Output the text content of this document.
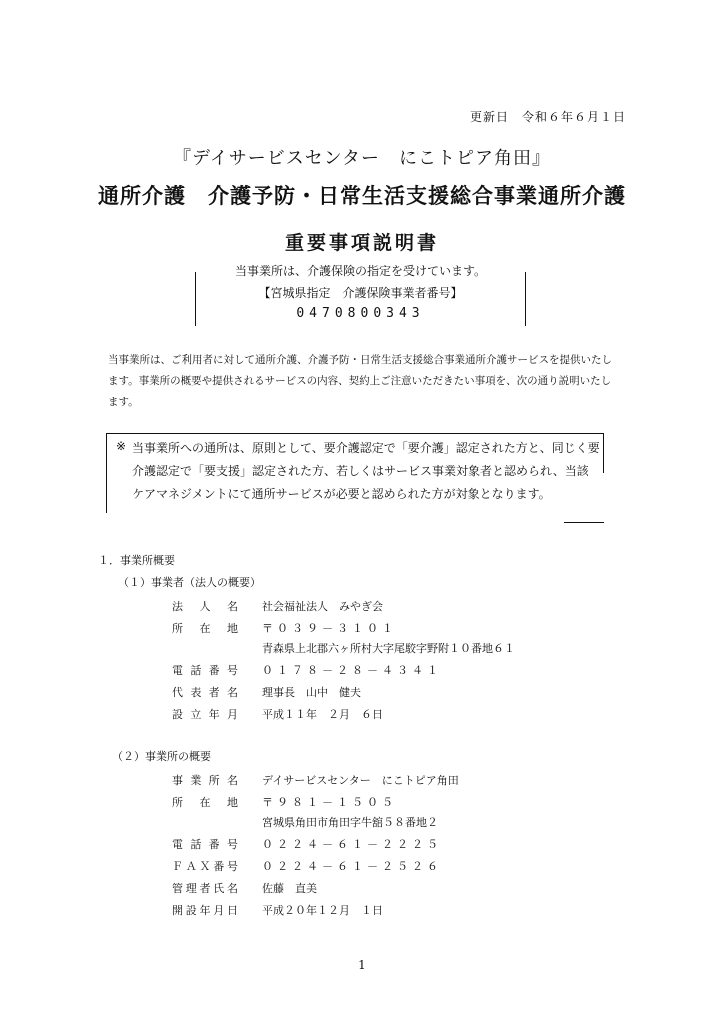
更新日　令和６年６月１日
『デイサービスセンター　にこトピア角田』
通所介護　介護予防・日常生活支援総合事業通所介護
重要事項説明書
当事業所は、介護保険の指定を受けています。
【宮城県指定　介護保険事業者番号】
0470800343
当事業所は、ご利用者に対して通所介護、介護予防・日常生活支援総合事業通所介護サービスを提供いたします。事業所の概要や提供されるサービスの内容、契約上ご注意いただきたい事項を、次の通り説明いたします。
※ 当事業所への通所は、原則として、要介護認定で「要介護」認定された方と、同じく要介護認定で「要支援」認定された方、若しくはサービス事業対象者と認められ、当該ケアマネジメントにて通所サービスが必要と認められた方が対象となります。
１．事業所概要
（１）事業者（法人の概要）
法人名 社会福祉法人　みやぎ会
所在地 〒０３９－３１０１
青森県上北郡六ヶ所村大字尾駮字野附１０番地６１
電話番号 ０１７８－２８－４３４１
代表者名 理事長　山中　健夫
設立年月 平成１１年　２月　６日
（２）事業所の概要
事業所名 デイサービスセンター　にこトピア角田
所在地 〒９８１－１５０５
宮城県角田市角田字牛舘５８番地２
電話番号 ０２２４－６１－２２２５
ＦＡＸ番号 ０２２４－６１－２５２６
管理者氏名 佐藤　直美
開設年月日 平成２０年１２月　１日
1
